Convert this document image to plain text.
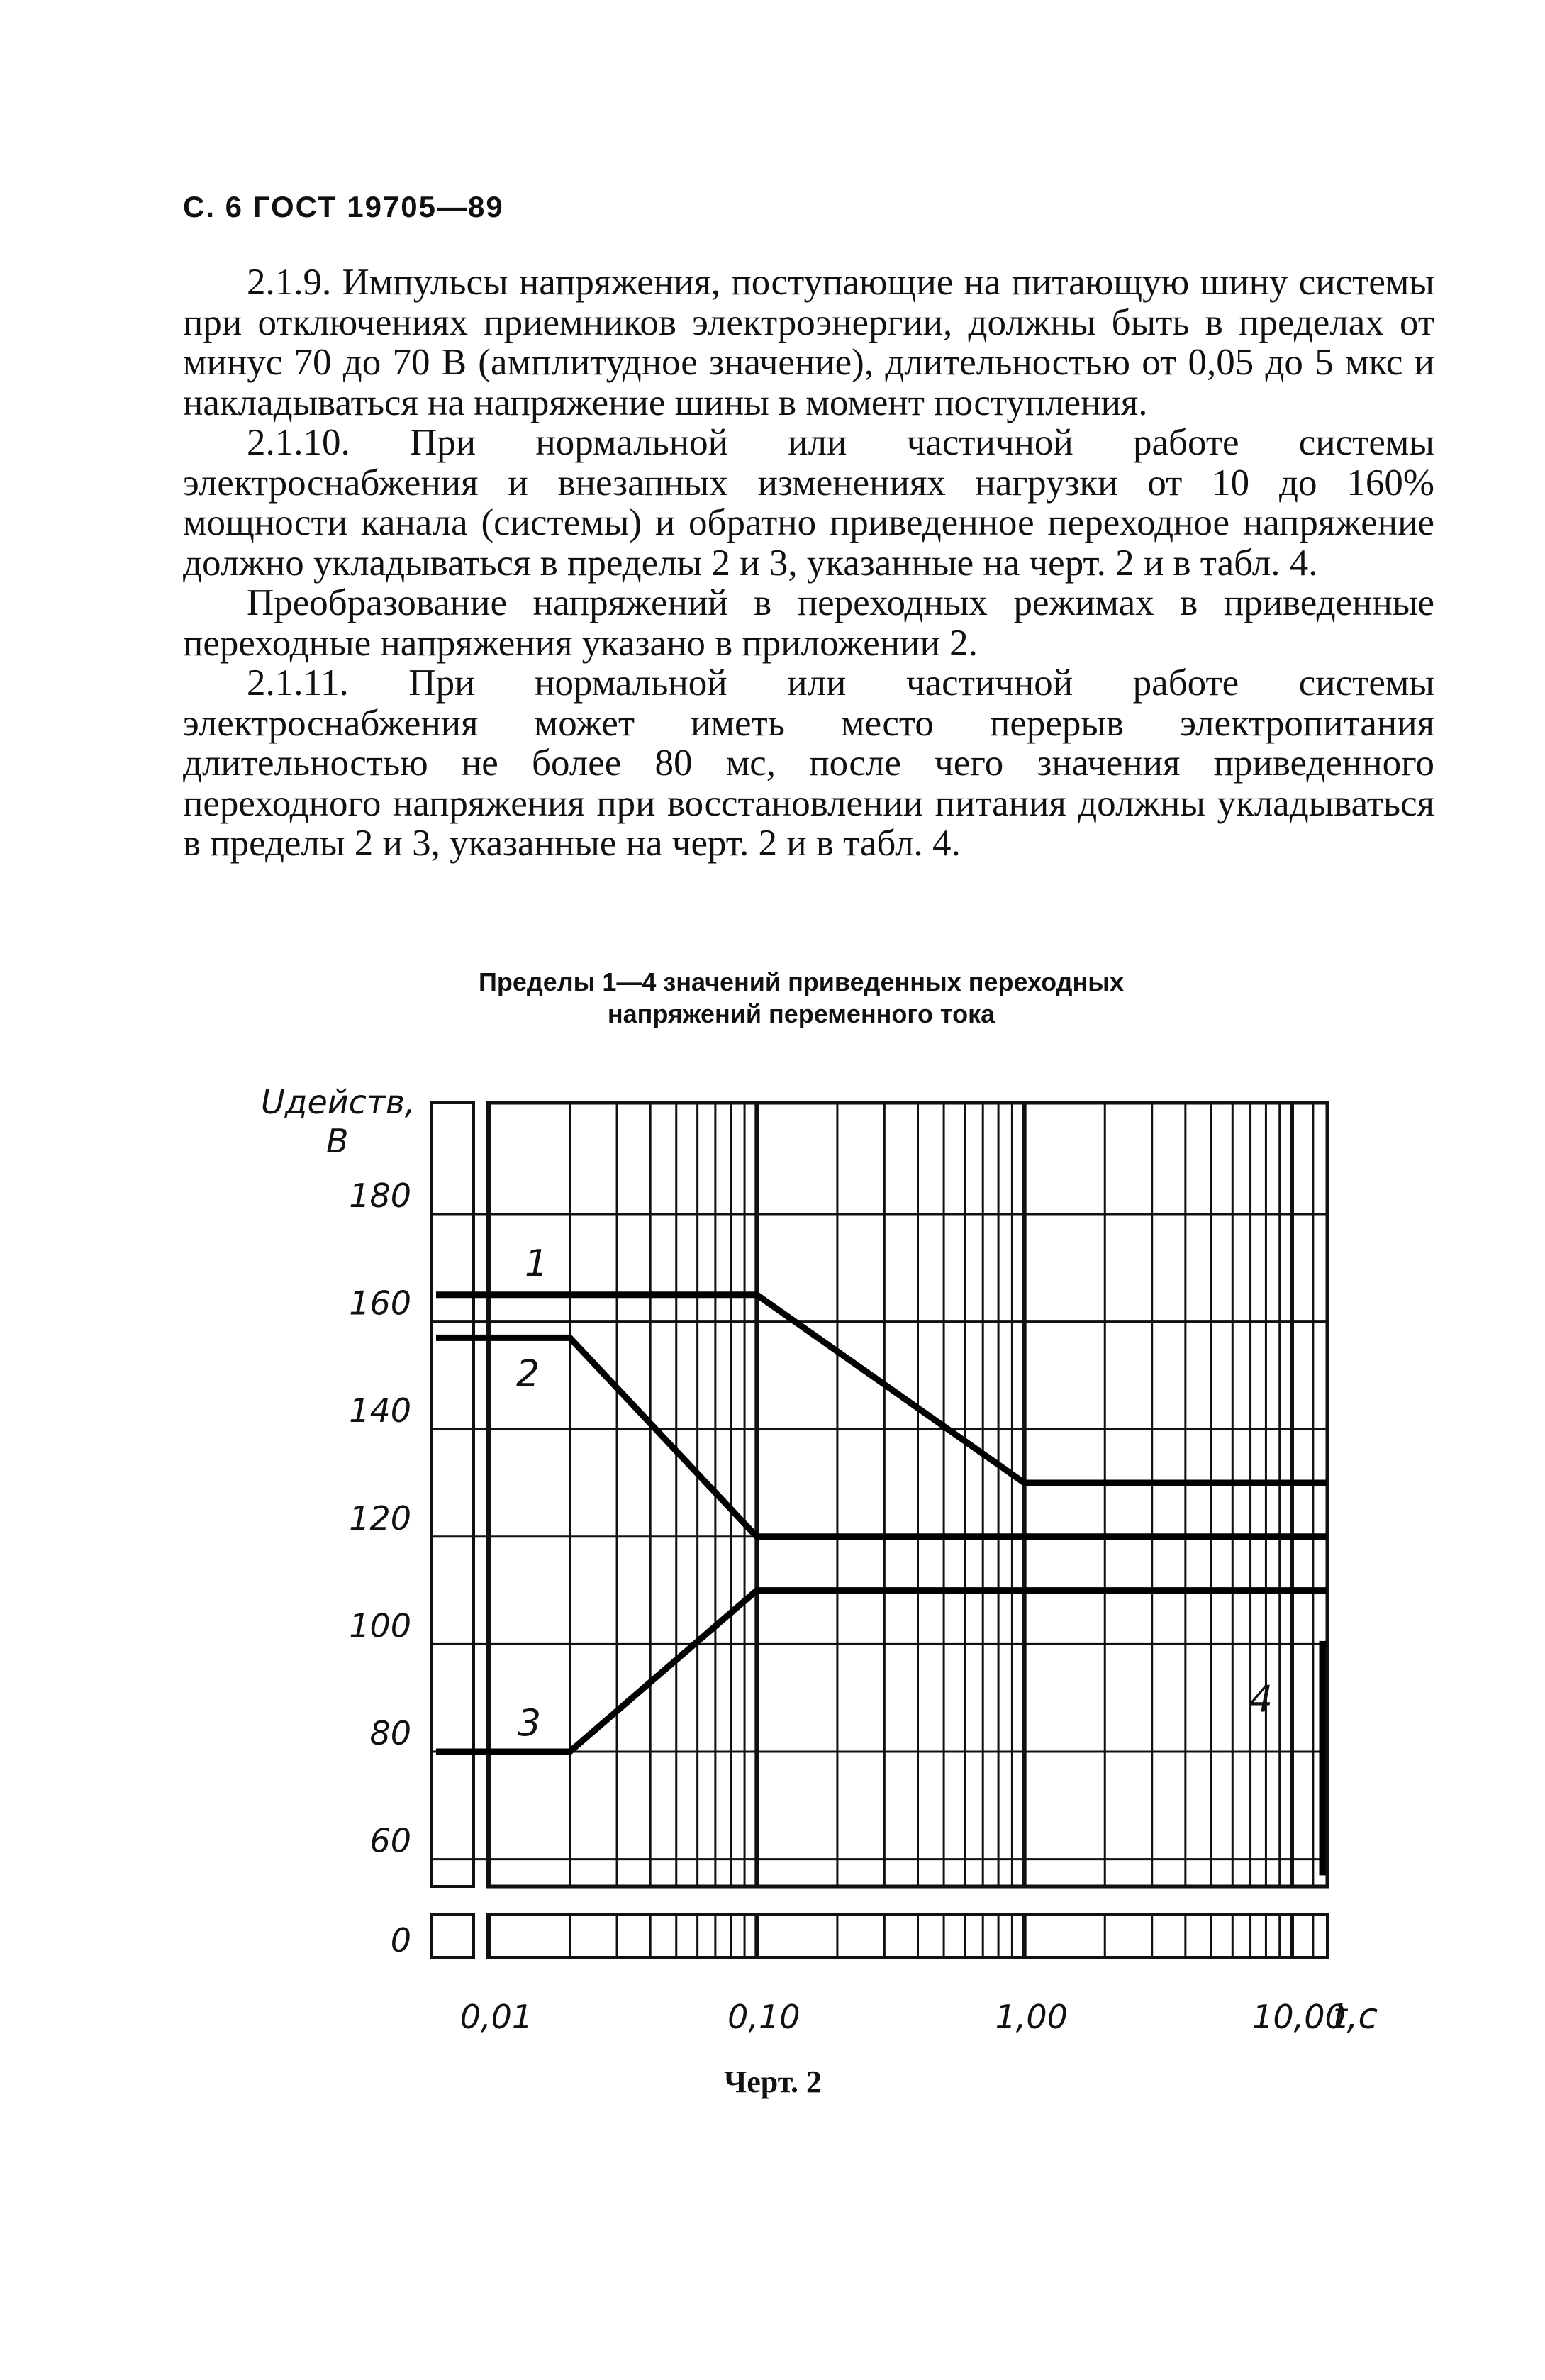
С. 6 ГОСТ 19705—89

2.1.9. Импульсы напряжения, поступающие на питающую шину системы при отключениях приемников электроэнергии, должны быть в пределах от минус 70 до 70 В (амплитудное значение), длительностью от 0,05 до 5 мкс и накладываться на напряжение шины в момент поступления.

2.1.10. При нормальной или частичной работе системы электроснабжения и внезапных изменениях нагрузки от 10 до 160% мощности канала (системы) и обратно приведенное переходное напряжение должно укладываться в пределы 2 и 3, указанные на черт. 2 и в табл. 4.

Преобразование напряжений в переходных режимах в приведенные переходные напряжения указано в приложении 2.

2.1.11. При нормальной или частичной работе системы электроснабжения может иметь место перерыв электропитания длительностью не более 80 мс, после чего значения приведенного переходного напряжения при восстановлении питания должны укладываться в пределы 2 и 3, указанные на черт. 2 и в табл. 4.

Пределы 1—4 значений приведенных переходных
напряжений переменного тока
180
160
140
120
100
80
60
0
Uдейств,
В
0,01	0,10	1,00	10,00
t,c
1
2
3
4
Черт. 2
